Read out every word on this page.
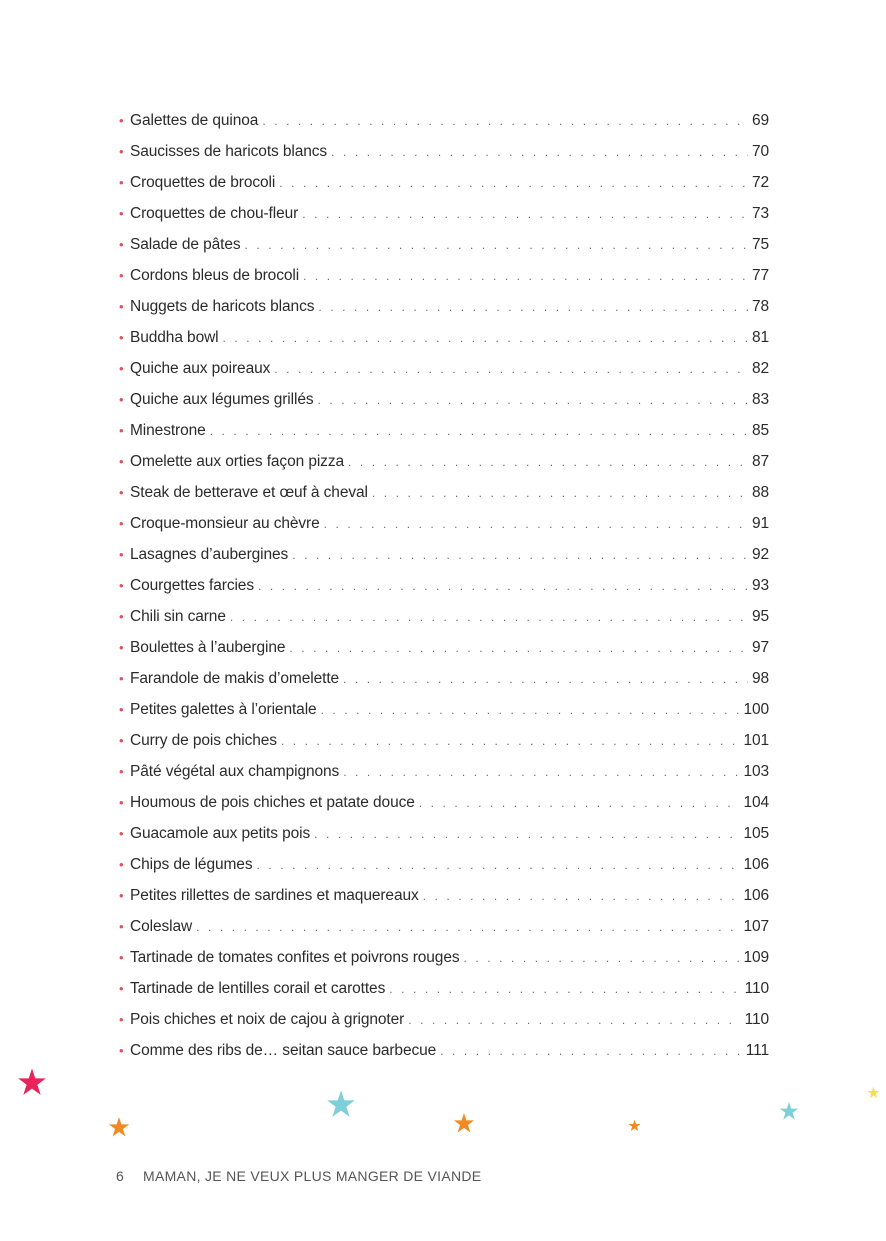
• Galettes de quinoa . . .	69
• Saucisses de haricots blancs . . .	70
• Croquettes de brocoli . . .	72
• Croquettes de chou-fleur . . .	73
• Salade de pâtes . . .	75
• Cordons bleus de brocoli . . .	77
• Nuggets de haricots blancs . . .	78
• Buddha bowl . . .	81
• Quiche aux poireaux . . .	82
• Quiche aux légumes grillés . . .	83
• Minestrone . . .	85
• Omelette aux orties façon pizza . . .	87
• Steak de betterave et œuf à cheval . . .	88
• Croque-monsieur au chèvre . . .	91
• Lasagnes d’aubergines . . .	92
• Courgettes farcies . . .	93
• Chili sin carne . . .	95
• Boulettes à l’aubergine . . .	97
• Farandole de makis d’omelette . . .	98
• Petites galettes à l’orientale . . .	100
• Curry de pois chiches . . .	101
• Pâté végétal aux champignons . . .	103
• Houmous de pois chiches et patate douce . . .	104
• Guacamole aux petits pois . . .	105
• Chips de légumes . . .	106
• Petites rillettes de sardines et maquereaux . . .	106
• Coleslaw . . .	107
• Tartinade de tomates confites et poivrons rouges . . .	109
• Tartinade de lentilles corail et carottes . . .	110
• Pois chiches et noix de cajou à grignoter . . .	110
• Comme des ribs de… seitan sauce barbecue . . .	111
6 MAMAN, JE NE VEUX PLUS MANGER DE VIANDE
